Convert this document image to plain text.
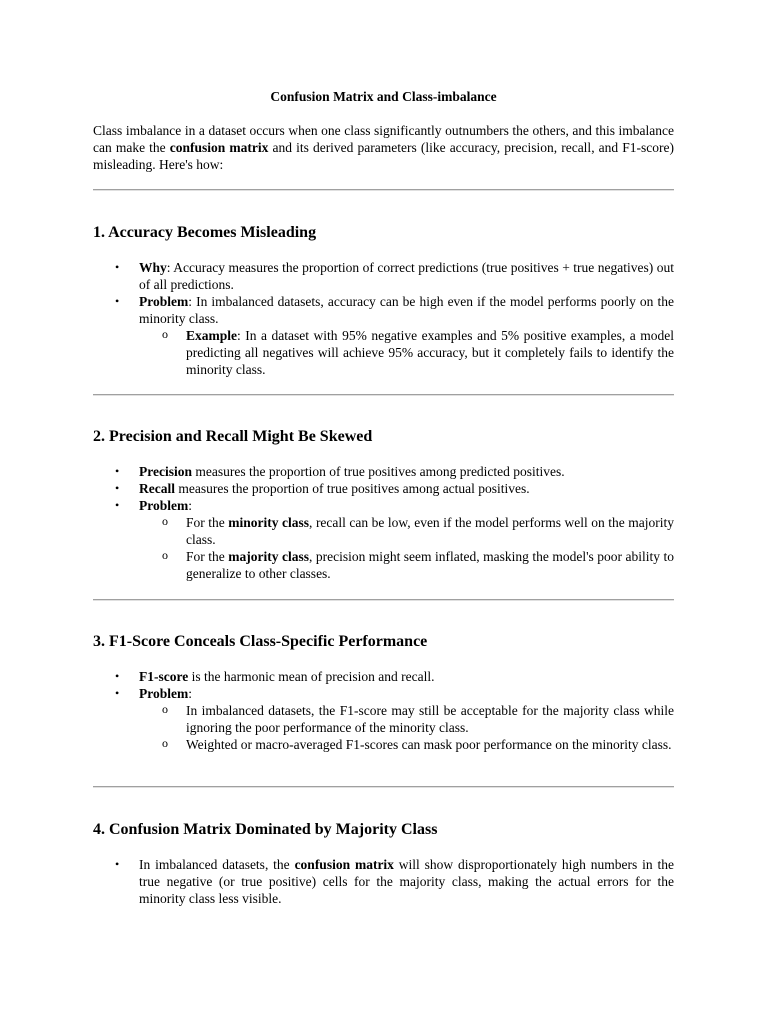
Confusion Matrix and Class-imbalance

Class imbalance in a dataset occurs when one class significantly outnumbers the others, and this imbalance can make the confusion matrix and its derived parameters (like accuracy, precision, recall, and F1-score) misleading. Here's how:

1. Accuracy Becomes Misleading
• Why: Accuracy measures the proportion of correct predictions (true positives + true negatives) out of all predictions.
• Problem: In imbalanced datasets, accuracy can be high even if the model performs poorly on the minority class.
o Example: In a dataset with 95% negative examples and 5% positive examples, a model predicting all negatives will achieve 95% accuracy, but it completely fails to identify the minority class.
2. Precision and Recall Might Be Skewed
• Precision measures the proportion of true positives among predicted positives.
• Recall measures the proportion of true positives among actual positives.
• Problem:
o For the minority class, recall can be low, even if the model performs well on the majority class.
o For the majority class, precision might seem inflated, masking the model's poor ability to generalize to other classes.
3. F1-Score Conceals Class-Specific Performance
• F1-score is the harmonic mean of precision and recall.
• Problem:
o In imbalanced datasets, the F1-score may still be acceptable for the majority class while ignoring the poor performance of the minority class.
o Weighted or macro-averaged F1-scores can mask poor performance on the minority class.
4. Confusion Matrix Dominated by Majority Class
• In imbalanced datasets, the confusion matrix will show disproportionately high numbers in the true negative (or true positive) cells for the majority class, making the actual errors for the minority class less visible.
